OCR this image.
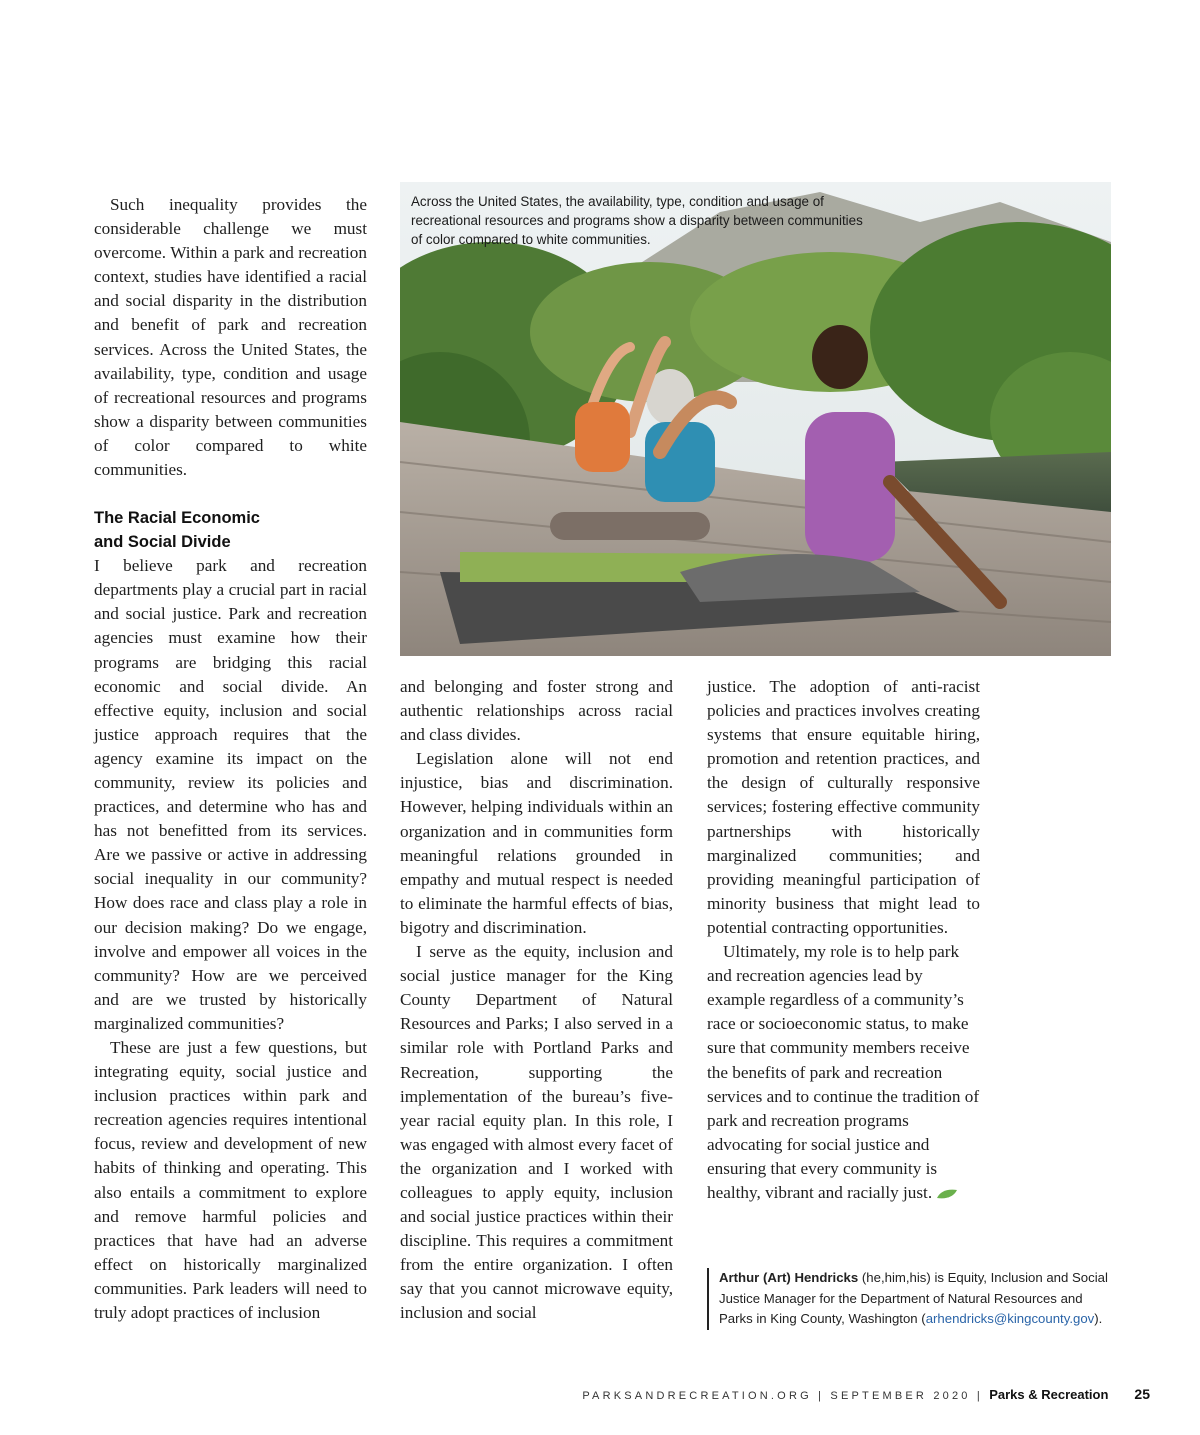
Such inequality provides the considerable challenge we must overcome. Within a park and recreation context, studies have identified a racial and social disparity in the distribution and benefit of park and recreation services. Across the United States, the availability, type, condition and usage of recreational resources and programs show a disparity between communities of color compared to white communities.

The Racial Economic
and Social Divide

I believe park and recreation departments play a crucial part in racial and social justice. Park and recreation agencies must examine how their programs are bridging this racial economic and social divide. An effective equity, inclusion and social justice approach requires that the agency examine its impact on the community, review its policies and practices, and determine who has and has not benefitted from its services. Are we passive or active in addressing social inequality in our community? How does race and class play a role in our decision making? Do we engage, involve and empower all voices in the community? How are we perceived and are we trusted by historically marginalized communities?

These are just a few questions, but integrating equity, social justice and inclusion practices within park and recreation agencies requires intentional focus, review and development of new habits of thinking and operating. This also entails a commitment to explore and remove harmful policies and practices that have had an adverse effect on historically marginalized communities. Park leaders will need to truly adopt practices of inclusion

Across the United States, the availability, type, condition and usage of recreational resources and programs show a disparity between communities of color compared to white communities.

and belonging and foster strong and authentic relationships across racial and class divides.

Legislation alone will not end injustice, bias and discrimination. However, helping individuals within an organization and in communities form meaningful relations grounded in empathy and mutual respect is needed to eliminate the harmful effects of bias, bigotry and discrimination.

I serve as the equity, inclusion and social justice manager for the King County Department of Natural Resources and Parks; I also served in a similar role with Portland Parks and Recreation, supporting the implementation of the bureau’s five-year racial equity plan. In this role, I was engaged with almost every facet of the organization and I worked with colleagues to apply equity, inclusion and social justice practices within their discipline. This requires a commitment from the entire organization. I often say that you cannot microwave equity, inclusion and social

justice. The adoption of anti-racist policies and practices involves creating systems that ensure equitable hiring, promotion and retention practices, and the design of culturally responsive services; fostering effective community partnerships with historically marginalized communities; and providing meaningful participation of minority business that might lead to potential contracting opportunities.

Ultimately, my role is to help park and recreation agencies lead by example regardless of a community’s race or socioeconomic status, to make sure that community members receive the benefits of park and recreation services and to continue the tradition of park and recreation programs advocating for social justice and ensuring that every community is healthy, vibrant and racially just.

Arthur (Art) Hendricks (he,him,his) is Equity, Inclusion and Social Justice Manager for the Department of Natural Resources and Parks in King County, Washington (arhendricks@kingcounty.gov).
PARKSANDRECREATION.ORG | SEPTEMBER 2020 | Parks & Recreation 25
